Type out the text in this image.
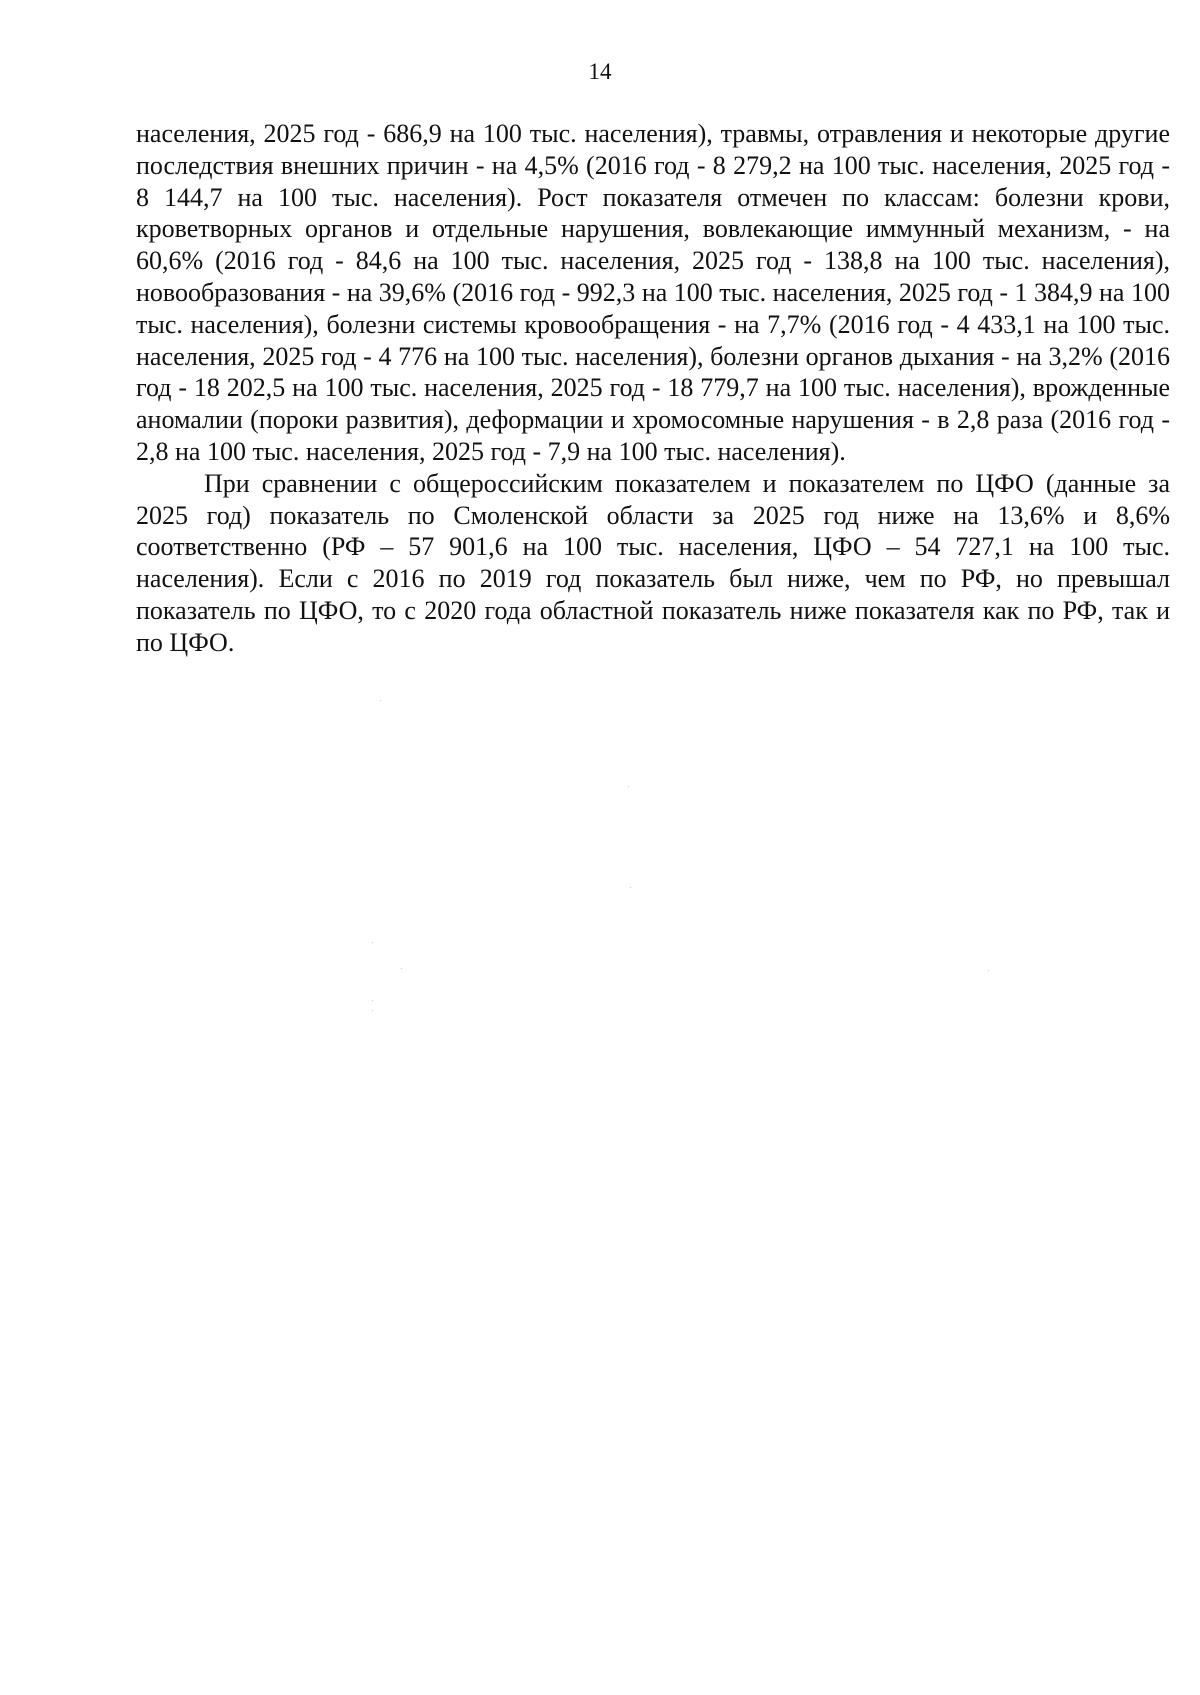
14

населения, 2025 год - 686,9 на 100 тыс. населения), травмы, отравления и некоторые другие последствия внешних причин - на 4,5% (2016 год - 8 279,2 на 100 тыс. населения, 2025 год - 8 144,7 на 100 тыс. населения). Рост показателя отмечен по классам: болезни крови, кроветворных органов и отдельные нарушения, вовлекающие иммунный механизм, - на 60,6% (2016 год - 84,6 на 100 тыс. населения, 2025 год - 138,8 на 100 тыс. населения), новообразования - на 39,6% (2016 год - 992,3 на 100 тыс. населения, 2025 год - 1 384,9 на 100 тыс. населения), болезни системы кровообращения - на 7,7% (2016 год - 4 433,1 на 100 тыс. населения, 2025 год - 4 776 на 100 тыс. населения), болезни органов дыхания - на 3,2% (2016 год - 18 202,5 на 100 тыс. населения, 2025 год - 18 779,7 на 100 тыс. населения), врожденные аномалии (пороки развития), деформации и хромосомные нарушения - в 2,8 раза (2016 год - 2,8 на 100 тыс. населения, 2025 год - 7,9 на 100 тыс. населения).

При сравнении с общероссийским показателем и показателем по ЦФО (данные за 2025 год) показатель по Смоленской области за 2025 год ниже на 13,6% и 8,6% соответственно (РФ – 57 901,6 на 100 тыс. населения, ЦФО – 54 727,1 на 100 тыс. населения). Если с 2016 по 2019 год показатель был ниже, чем по РФ, но превышал показатель по ЦФО, то с 2020 года областной показатель ниже показателя как по РФ, так и по ЦФО.
